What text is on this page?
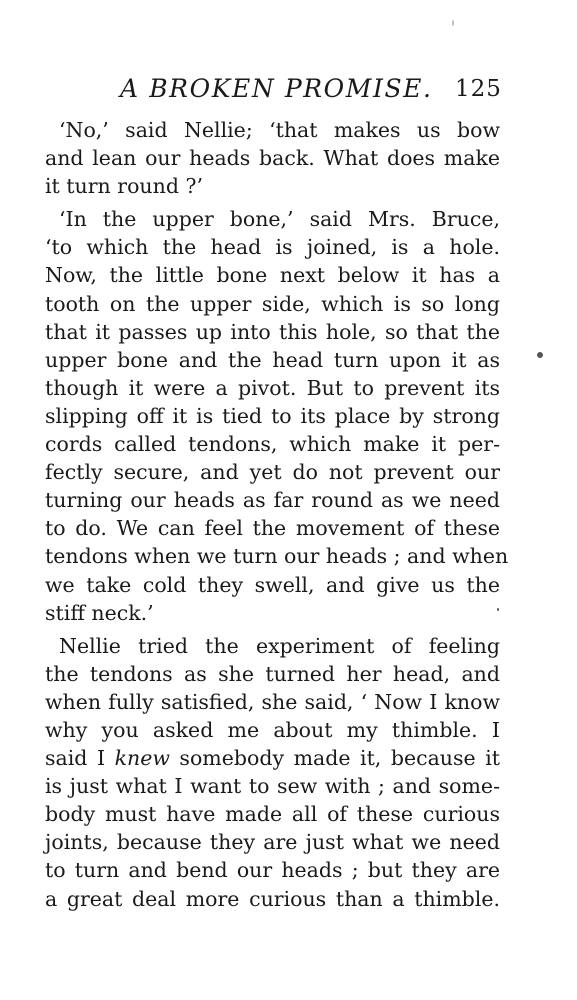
A BROKEN PROMISE. 125
‘No,’ said Nellie; ‘that makes us bow
and lean our heads back. What does make
it turn round ?’
‘In the upper bone,’ said Mrs. Bruce,
‘to which the head is joined, is a hole.
Now, the little bone next below it has a
tooth on the upper side, which is so long
that it passes up into this hole, so that the
upper bone and the head turn upon it as
though it were a pivot. But to prevent its
slipping off it is tied to its place by strong
cords called tendons, which make it per-
fectly secure, and yet do not prevent our
turning our heads as far round as we need
to do. We can feel the movement of these
tendons when we turn our heads ; and when
we take cold they swell, and give us the
stiff neck.’
Nellie tried the experiment of feeling
the tendons as she turned her head, and
when fully satisfied, she said, ‘ Now I know
why you asked me about my thimble. I
said I knew somebody made it, because it
is just what I want to sew with ; and some-
body must have made all of these curious
joints, because they are just what we need
to turn and bend our heads ; but they are
a great deal more curious than a thimble.
